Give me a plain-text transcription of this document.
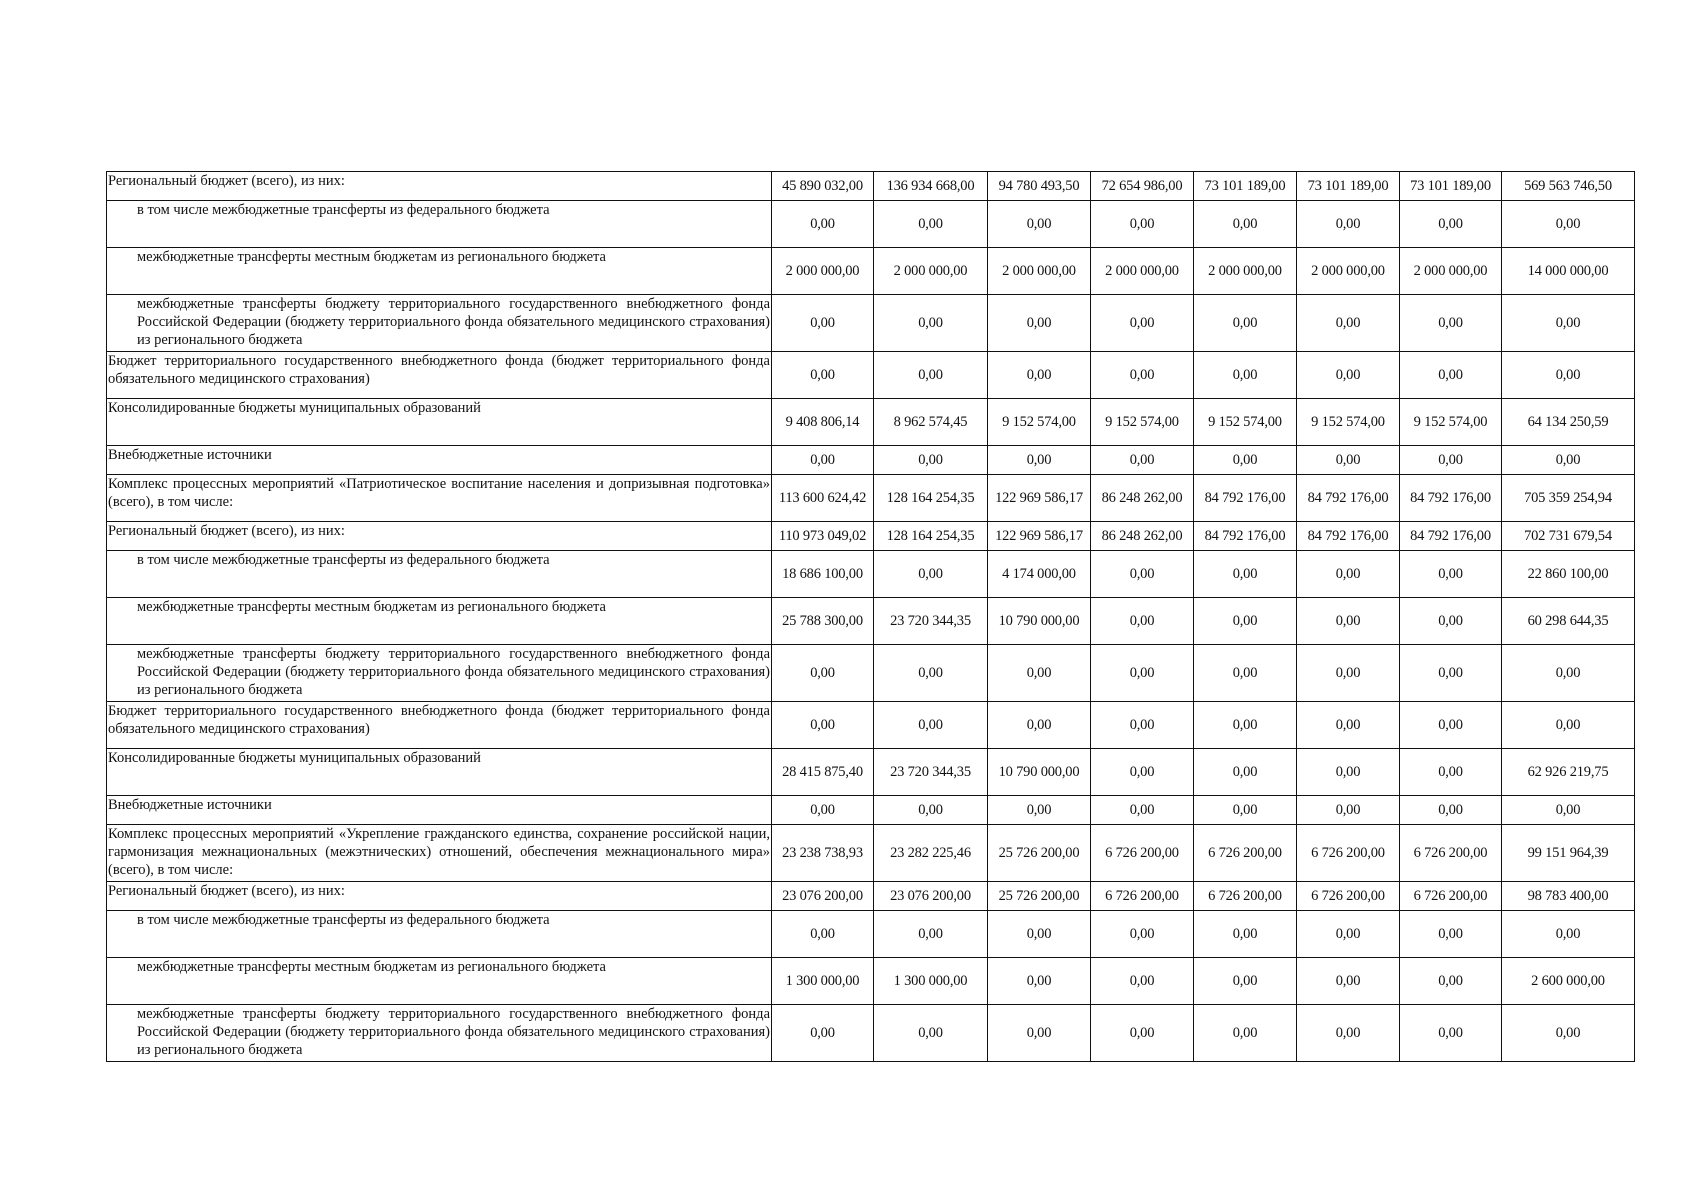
Региональный бюджет (всего), из них:	45 890 032,00	136 934 668,00	94 780 493,50	72 654 986,00	73 101 189,00	73 101 189,00	73 101 189,00	569 563 746,50
в том числе межбюджетные трансферты из федерального бюджета	0,00	0,00	0,00	0,00	0,00	0,00	0,00	0,00
межбюджетные трансферты местным бюджетам из регионального бюджета	2 000 000,00	2 000 000,00	2 000 000,00	2 000 000,00	2 000 000,00	2 000 000,00	2 000 000,00	14 000 000,00
межбюджетные трансферты бюджету территориального государственного внебюджетного фонда Российской Федерации (бюджету территориального фонда обязательного медицинского страхования) из регионального бюджета	0,00	0,00	0,00	0,00	0,00	0,00	0,00	0,00
Бюджет территориального государственного внебюджетного фонда (бюджет территориального фонда обязательного медицинского страхования)	0,00	0,00	0,00	0,00	0,00	0,00	0,00	0,00
Консолидированные бюджеты муниципальных образований	9 408 806,14	8 962 574,45	9 152 574,00	9 152 574,00	9 152 574,00	9 152 574,00	9 152 574,00	64 134 250,59
Внебюджетные источники	0,00	0,00	0,00	0,00	0,00	0,00	0,00	0,00
Комплекс процессных мероприятий «Патриотическое воспитание населения и допризывная подготовка» (всего), в том числе:	113 600 624,42	128 164 254,35	122 969 586,17	86 248 262,00	84 792 176,00	84 792 176,00	84 792 176,00	705 359 254,94
Региональный бюджет (всего), из них:	110 973 049,02	128 164 254,35	122 969 586,17	86 248 262,00	84 792 176,00	84 792 176,00	84 792 176,00	702 731 679,54
в том числе межбюджетные трансферты из федерального бюджета	18 686 100,00	0,00	4 174 000,00	0,00	0,00	0,00	0,00	22 860 100,00
межбюджетные трансферты местным бюджетам из регионального бюджета	25 788 300,00	23 720 344,35	10 790 000,00	0,00	0,00	0,00	0,00	60 298 644,35
межбюджетные трансферты бюджету территориального государственного внебюджетного фонда Российской Федерации (бюджету территориального фонда обязательного медицинского страхования) из регионального бюджета	0,00	0,00	0,00	0,00	0,00	0,00	0,00	0,00
Бюджет территориального государственного внебюджетного фонда (бюджет территориального фонда обязательного медицинского страхования)	0,00	0,00	0,00	0,00	0,00	0,00	0,00	0,00
Консолидированные бюджеты муниципальных образований	28 415 875,40	23 720 344,35	10 790 000,00	0,00	0,00	0,00	0,00	62 926 219,75
Внебюджетные источники	0,00	0,00	0,00	0,00	0,00	0,00	0,00	0,00
Комплекс процессных мероприятий «Укрепление гражданского единства, сохранение российской нации, гармонизация межнациональных (межэтнических) отношений, обеспечения межнационального мира» (всего), в том числе:	23 238 738,93	23 282 225,46	25 726 200,00	6 726 200,00	6 726 200,00	6 726 200,00	6 726 200,00	99 151 964,39
Региональный бюджет (всего), из них:	23 076 200,00	23 076 200,00	25 726 200,00	6 726 200,00	6 726 200,00	6 726 200,00	6 726 200,00	98 783 400,00
в том числе межбюджетные трансферты из федерального бюджета	0,00	0,00	0,00	0,00	0,00	0,00	0,00	0,00
межбюджетные трансферты местным бюджетам из регионального бюджета	1 300 000,00	1 300 000,00	0,00	0,00	0,00	0,00	0,00	2 600 000,00
межбюджетные трансферты бюджету территориального государственного внебюджетного фонда Российской Федерации (бюджету территориального фонда обязательного медицинского страхования) из регионального бюджета	0,00	0,00	0,00	0,00	0,00	0,00	0,00	0,00
